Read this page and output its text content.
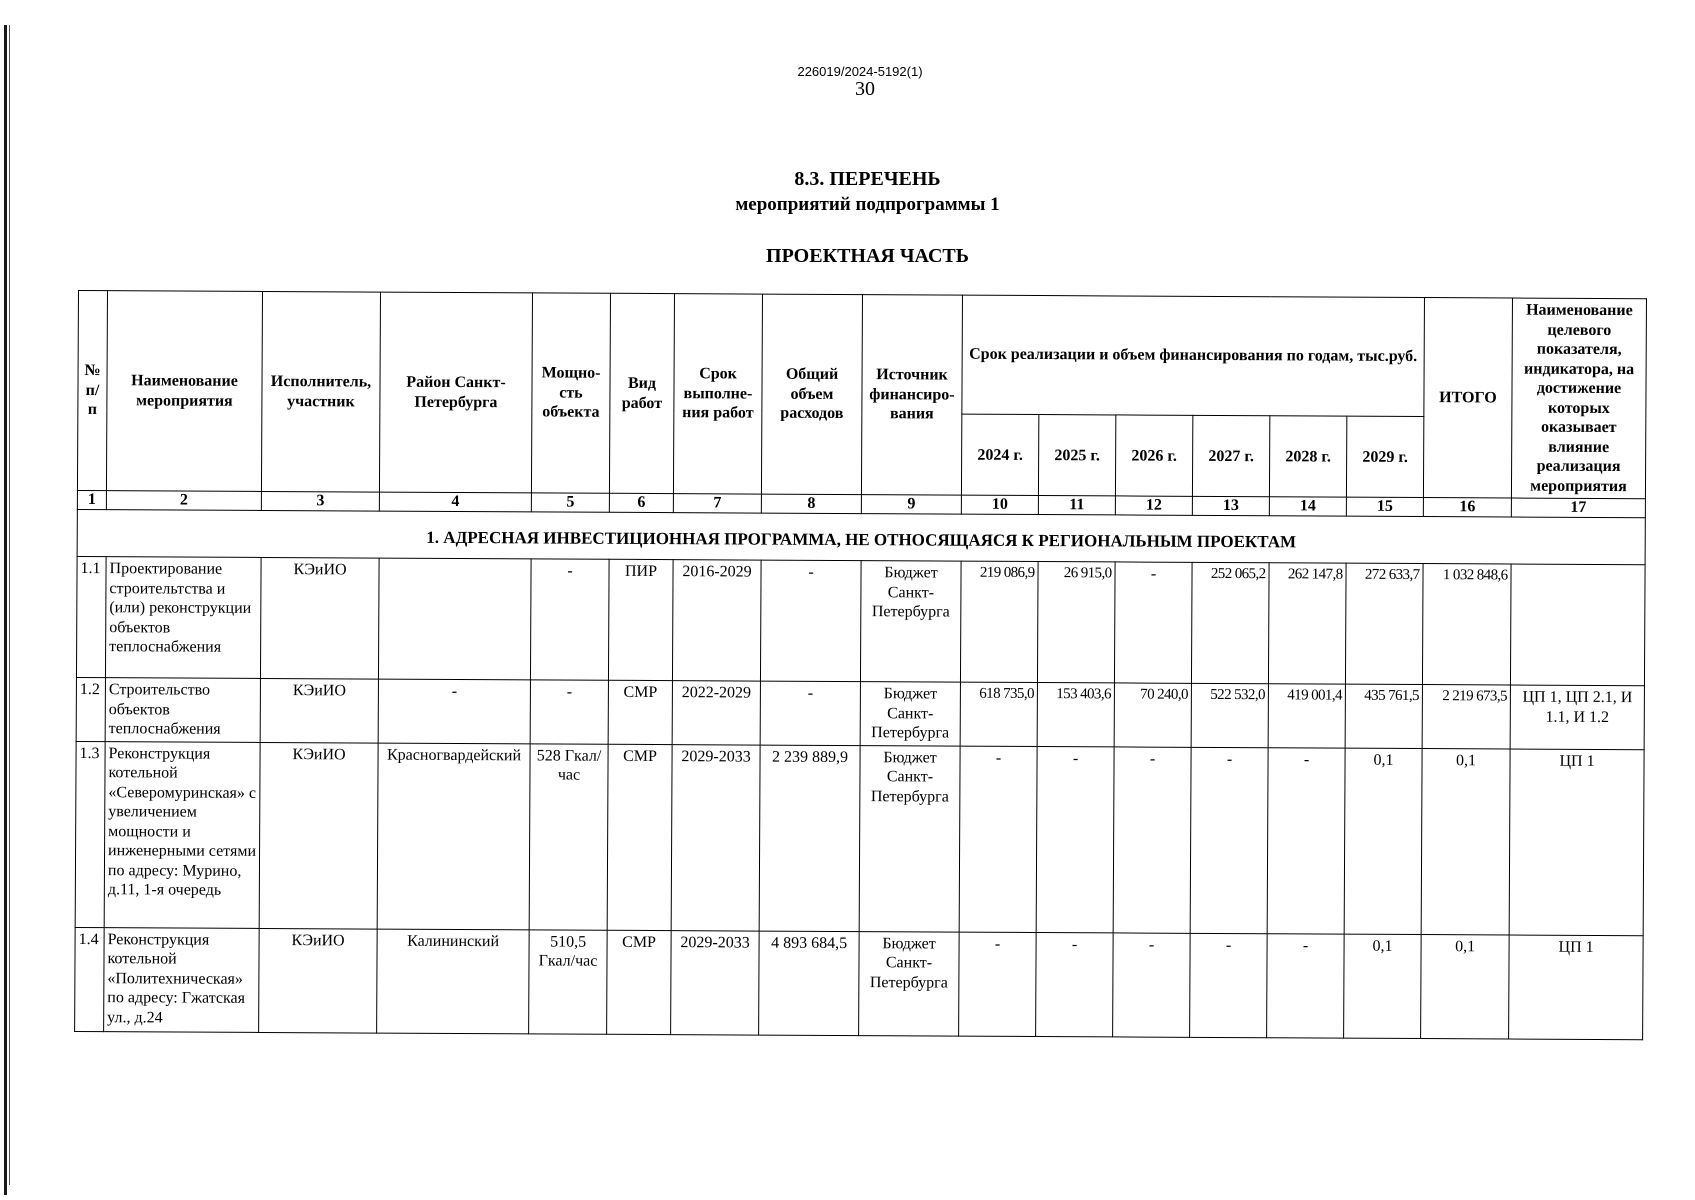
226019/2024-5192(1)
30
8.3. ПЕРЕЧЕНЬ
мероприятий подпрограммы 1
ПРОЕКТНАЯ ЧАСТЬ
№ п/п	Наименование мероприятия	Исполнитель, участник	Район Санкт-Петербурга	Мощно-сть объекта	Вид работ	Срок выполне-ния работ	Общий объем расходов	Источник финансиро-вания	Срок реализации и объем финансирования по годам, тыс.руб.						ИТОГО	Наименование целевого показателя, индикатора, на достижение которых оказывает влияние реализация мероприятия
									2024 г.	2025 г.	2026 г.	2027 г.	2028 г.	2029 г.		
1	2	3	4	5	6	7	8	9	10	11	12	13	14	15	16	17
1. АДРЕСНАЯ ИНВЕСТИЦИОННАЯ ПРОГРАММА, НЕ ОТНОСЯЩАЯСЯ К РЕГИОНАЛЬНЫМ ПРОЕКТАМ																
1.1	Проектирование строительтства и (или) реконструкции объектов теплоснабжения	КЭиИО		-	ПИР	2016-2029	-	Бюджет Санкт-Петербурга	219 086,9	26 915,0	-	252 065,2	262 147,8	272 633,7	1 032 848,6	
1.2	Строительство объектов теплоснабжения	КЭиИО	-	-	СМР	2022-2029	-	Бюджет Санкт-Петербурга	618 735,0	153 403,6	70 240,0	522 532,0	419 001,4	435 761,5	2 219 673,5	ЦП 1, ЦП 2.1, И 1.1, И 1.2
1.3	Реконструкция котельной «Северомуринская» с увеличением мощности и инженерными сетями по адресу: Мурино, д.11, 1-я очередь	КЭиИО	Красногвардейский	528 Гкал/час	СМР	2029-2033	2 239 889,9	Бюджет Санкт-Петербурга	-	-	-	-	-	0,1	0,1	ЦП 1
1.4	Реконструкция котельной «Политехническая» по адресу: Гжатская ул., д.24	КЭиИО	Калининский	510,5 Гкал/час	СМР	2029-2033	4 893 684,5	Бюджет Санкт-Петербурга	-	-	-	-	-	0,1	0,1	ЦП 1
